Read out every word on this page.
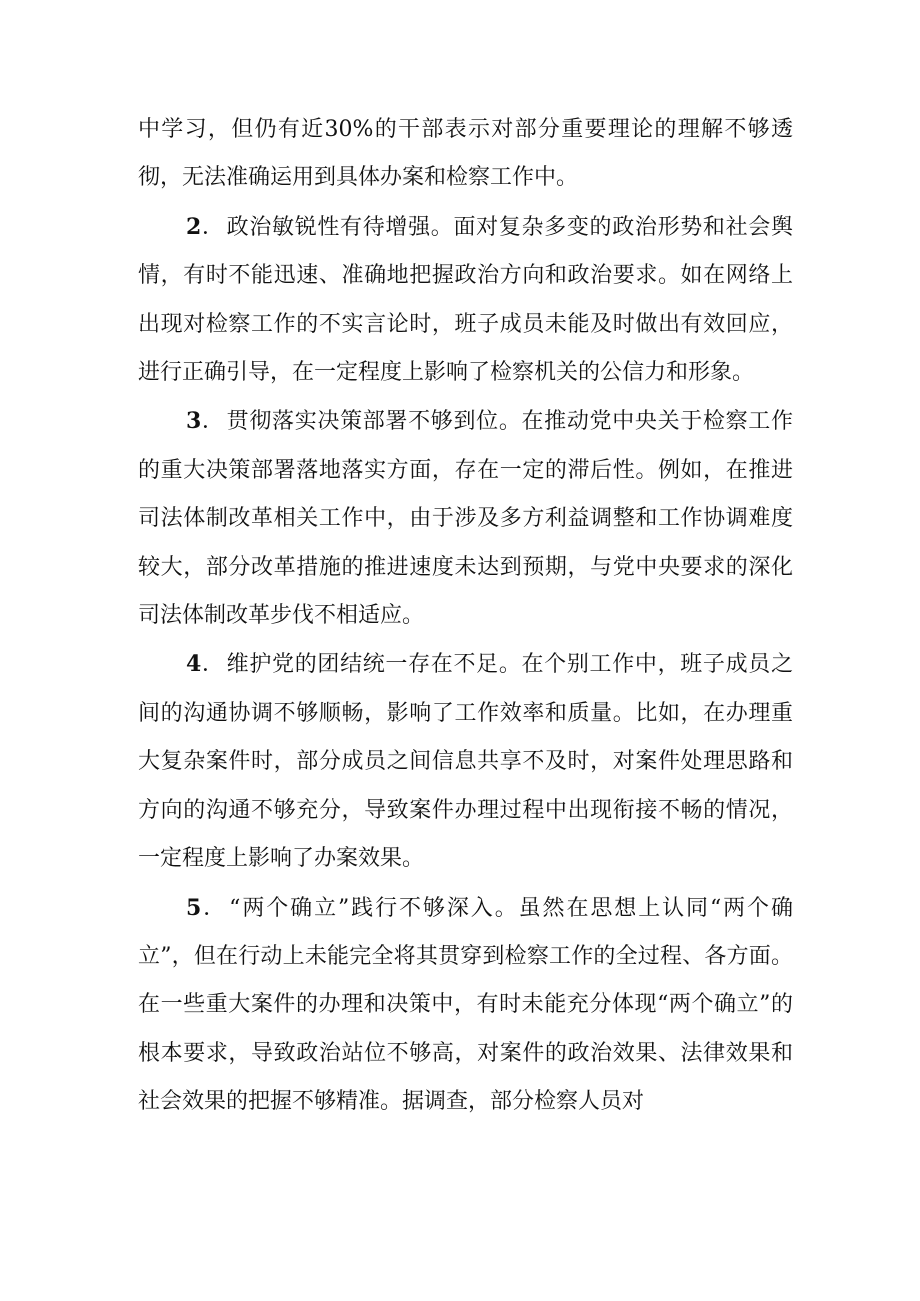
中学习，但仍有近30%的干部表示对部分重要理论的理解不够透彻，无法准确运用到具体办案和检察工作中。

2．政治敏锐性有待增强。面对复杂多变的政治形势和社会舆情，有时不能迅速、准确地把握政治方向和政治要求。如在网络上出现对检察工作的不实言论时，班子成员未能及时做出有效回应，进行正确引导，在一定程度上影响了检察机关的公信力和形象。

3．贯彻落实决策部署不够到位。在推动党中央关于检察工作的重大决策部署落地落实方面，存在一定的滞后性。例如，在推进司法体制改革相关工作中，由于涉及多方利益调整和工作协调难度较大，部分改革措施的推进速度未达到预期，与党中央要求的深化司法体制改革步伐不相适应。

4．维护党的团结统一存在不足。在个别工作中，班子成员之间的沟通协调不够顺畅，影响了工作效率和质量。比如，在办理重大复杂案件时，部分成员之间信息共享不及时，对案件处理思路和方向的沟通不够充分，导致案件办理过程中出现衔接不畅的情况，一定程度上影响了办案效果。

5．“两个确立”践行不够深入。虽然在思想上认同“两个确立”，但在行动上未能完全将其贯穿到检察工作的全过程、各方面。在一些重大案件的办理和决策中，有时未能充分体现“两个确立”的根本要求，导致政治站位不够高，对案件的政治效果、法律效果和社会效果的把握不够精准。据调查，部分检察人员对
